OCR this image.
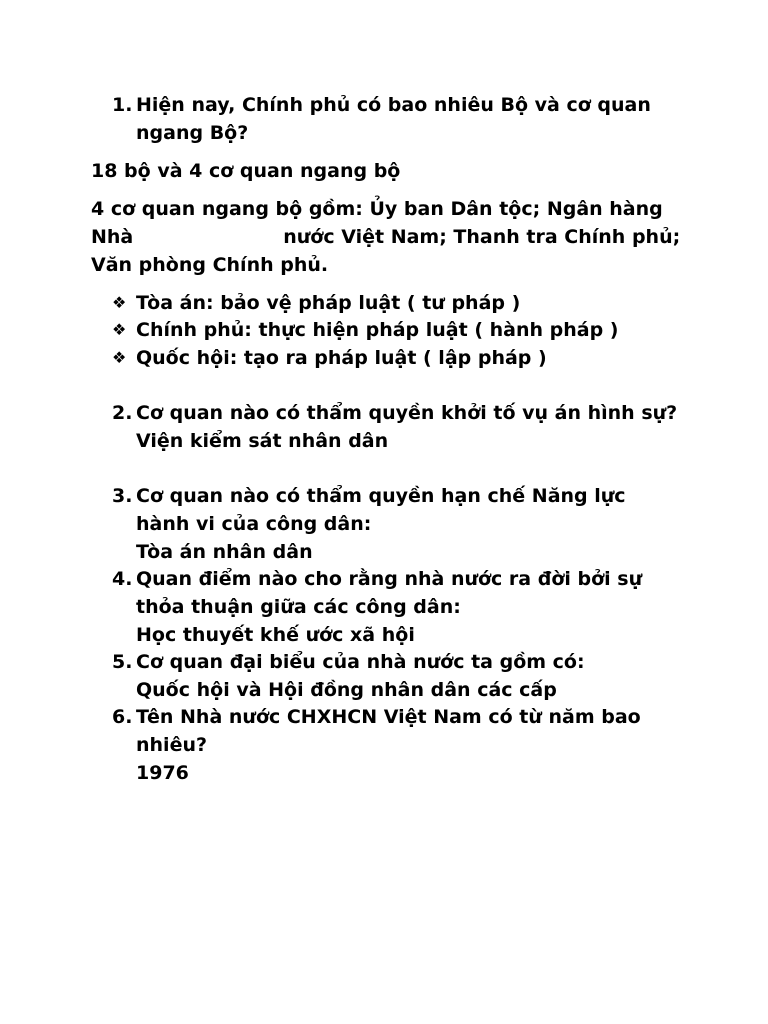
1. Hiện nay, Chính phủ có bao nhiêu Bộ và cơ quan ngang Bộ?
18 bộ và 4 cơ quan ngang bộ
4 cơ quan ngang bộ gồm: Ủy ban Dân tộc; Ngân hàng Nhà	nước Việt Nam; Thanh tra Chính phủ; Văn phòng Chính phủ.
❖ Tòa án: bảo vệ pháp luật ( tư pháp )
❖ Chính phủ: thực hiện pháp luật ( hành pháp )
❖ Quốc hội: tạo ra pháp luật ( lập pháp )
2. Cơ quan nào có thẩm quyền khởi tố vụ án hình sự?
Viện kiểm sát nhân dân
3. Cơ quan nào có thẩm quyền hạn chế Năng lực hành vi của công dân:
Tòa án nhân dân
4. Quan điểm nào cho rằng nhà nước ra đời bởi sự thỏa thuận giữa các công dân:
Học thuyết khế ước xã hội
5. Cơ quan đại biểu của nhà nước ta gồm có:
Quốc hội và Hội đồng nhân dân các cấp
6. Tên Nhà nước CHXHCN Việt Nam có từ năm bao nhiêu?
1976
